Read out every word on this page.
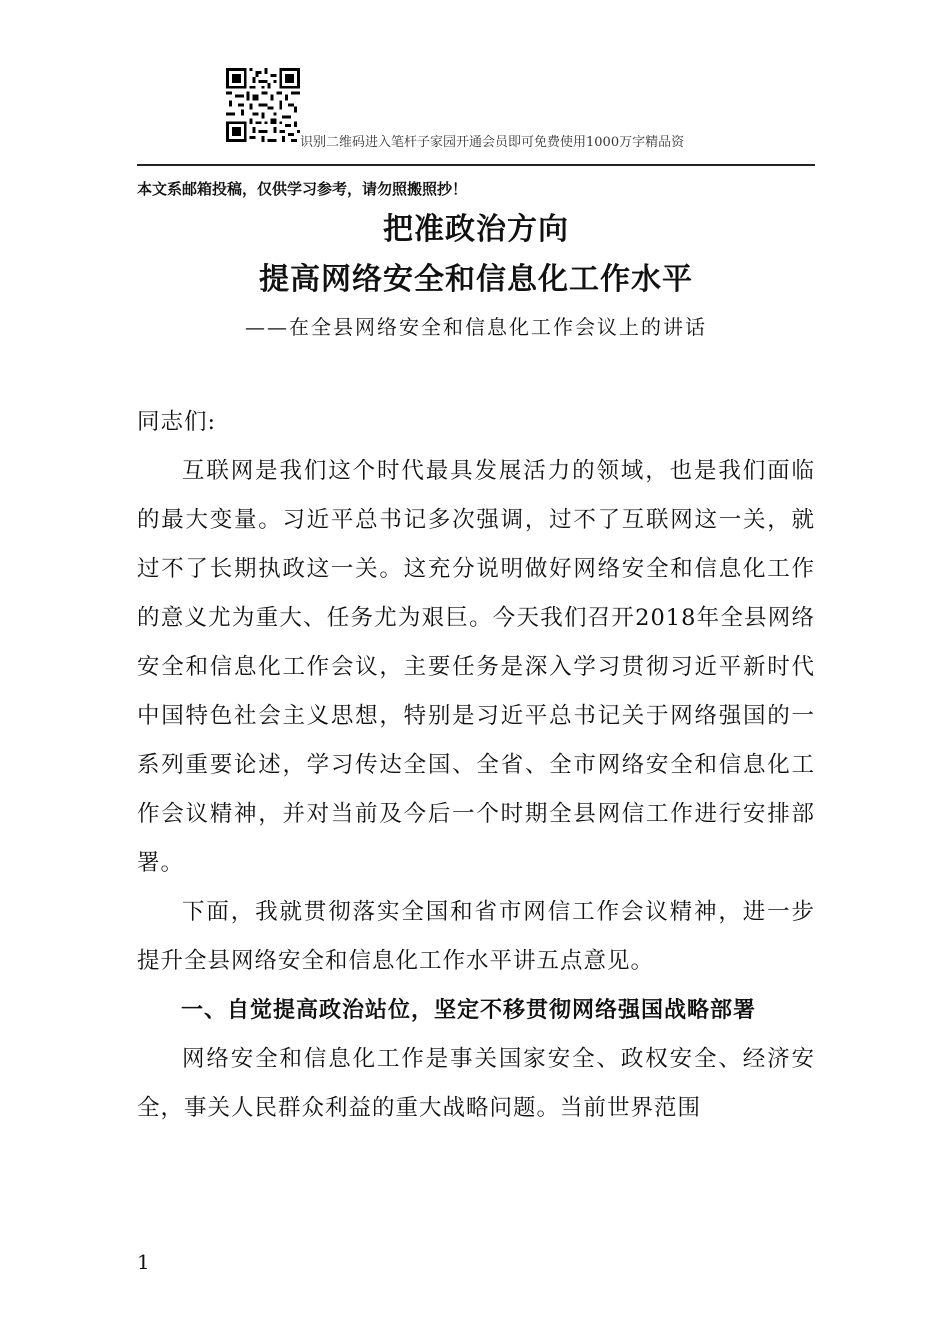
识别二维码进入笔杆子家园开通会员即可免费使用1000万字精品资
本文系邮箱投稿，仅供学习参考，请勿照搬照抄！
把准政治方向
提高网络安全和信息化工作水平
——在全县网络安全和信息化工作会议上的讲话

同志们:

互联网是我们这个时代最具发展活力的领域，也是我们面临的最大变量。习近平总书记多次强调，过不了互联网这一关，就过不了长期执政这一关。这充分说明做好网络安全和信息化工作的意义尤为重大、任务尤为艰巨。今天我们召开2018年全县网络安全和信息化工作会议，主要任务是深入学习贯彻习近平新时代中国特色社会主义思想，特别是习近平总书记关于网络强国的一系列重要论述，学习传达全国、全省、全市网络安全和信息化工作会议精神，并对当前及今后一个时期全县网信工作进行安排部署。

下面，我就贯彻落实全国和省市网信工作会议精神，进一步提升全县网络安全和信息化工作水平讲五点意见。

一、自觉提高政治站位，坚定不移贯彻网络强国战略部署

网络安全和信息化工作是事关国家安全、政权安全、经济安全，事关人民群众利益的重大战略问题。当前世界范围

1
